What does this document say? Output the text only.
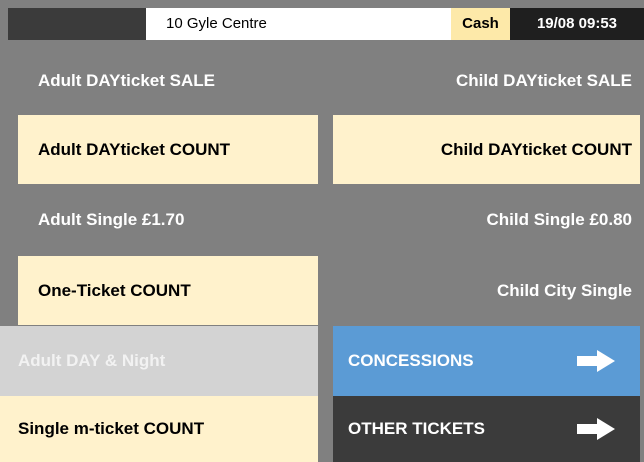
10 Gyle Centre	Cash	19/08 09:53
Adult DAYticket SALE	Child DAYticket SALE
Adult DAYticket COUNT	Child DAYticket COUNT
Adult Single £1.70	Child Single £0.80
One-Ticket COUNT	Child City Single
Adult DAY & Night	CONCESSIONS
Single m-ticket COUNT	OTHER TICKETS
